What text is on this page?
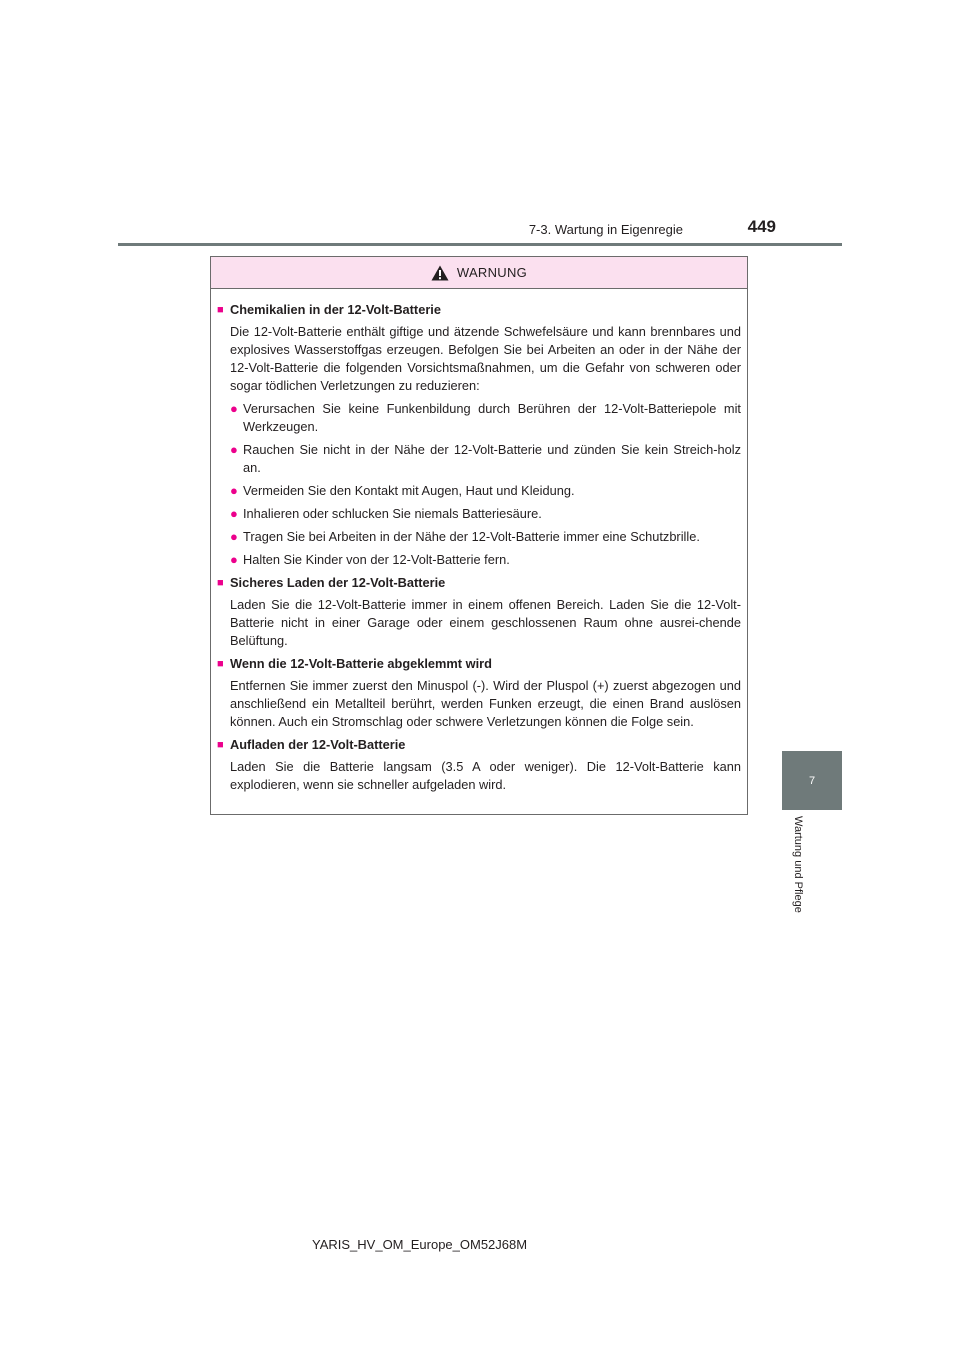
7-3. Wartung in Eigenregie	449
7
Wartung und Pflege
WARNUNG
■ Chemikalien in der 12-Volt-Batterie
Die 12-Volt-Batterie enthält giftige und ätzende Schwefelsäure und kann brennbares und explosives Wasserstoffgas erzeugen. Befolgen Sie bei Arbeiten an oder in der Nähe der 12-Volt-Batterie die folgenden Vorsichtsmaßnahmen, um die Gefahr von schweren oder sogar tödlichen Verletzungen zu reduzieren:
● Verursachen Sie keine Funkenbildung durch Berühren der 12-Volt-Batteriepole mit Werkzeugen.
● Rauchen Sie nicht in der Nähe der 12-Volt-Batterie und zünden Sie kein Streich-holz an.
● Vermeiden Sie den Kontakt mit Augen, Haut und Kleidung.
● Inhalieren oder schlucken Sie niemals Batteriesäure.
● Tragen Sie bei Arbeiten in der Nähe der 12-Volt-Batterie immer eine Schutzbrille.
● Halten Sie Kinder von der 12-Volt-Batterie fern.
■ Sicheres Laden der 12-Volt-Batterie
Laden Sie die 12-Volt-Batterie immer in einem offenen Bereich. Laden Sie die 12-Volt-Batterie nicht in einer Garage oder einem geschlossenen Raum ohne ausrei-chende Belüftung.
■ Wenn die 12-Volt-Batterie abgeklemmt wird
Entfernen Sie immer zuerst den Minuspol (-). Wird der Pluspol (+) zuerst abgezogen und anschließend ein Metallteil berührt, werden Funken erzeugt, die einen Brand auslösen können. Auch ein Stromschlag oder schwere Verletzungen können die Folge sein.
■ Aufladen der 12-Volt-Batterie
Laden Sie die Batterie langsam (3.5 A oder weniger). Die 12-Volt-Batterie kann explodieren, wenn sie schneller aufgeladen wird.
YARIS_HV_OM_Europe_OM52J68M
